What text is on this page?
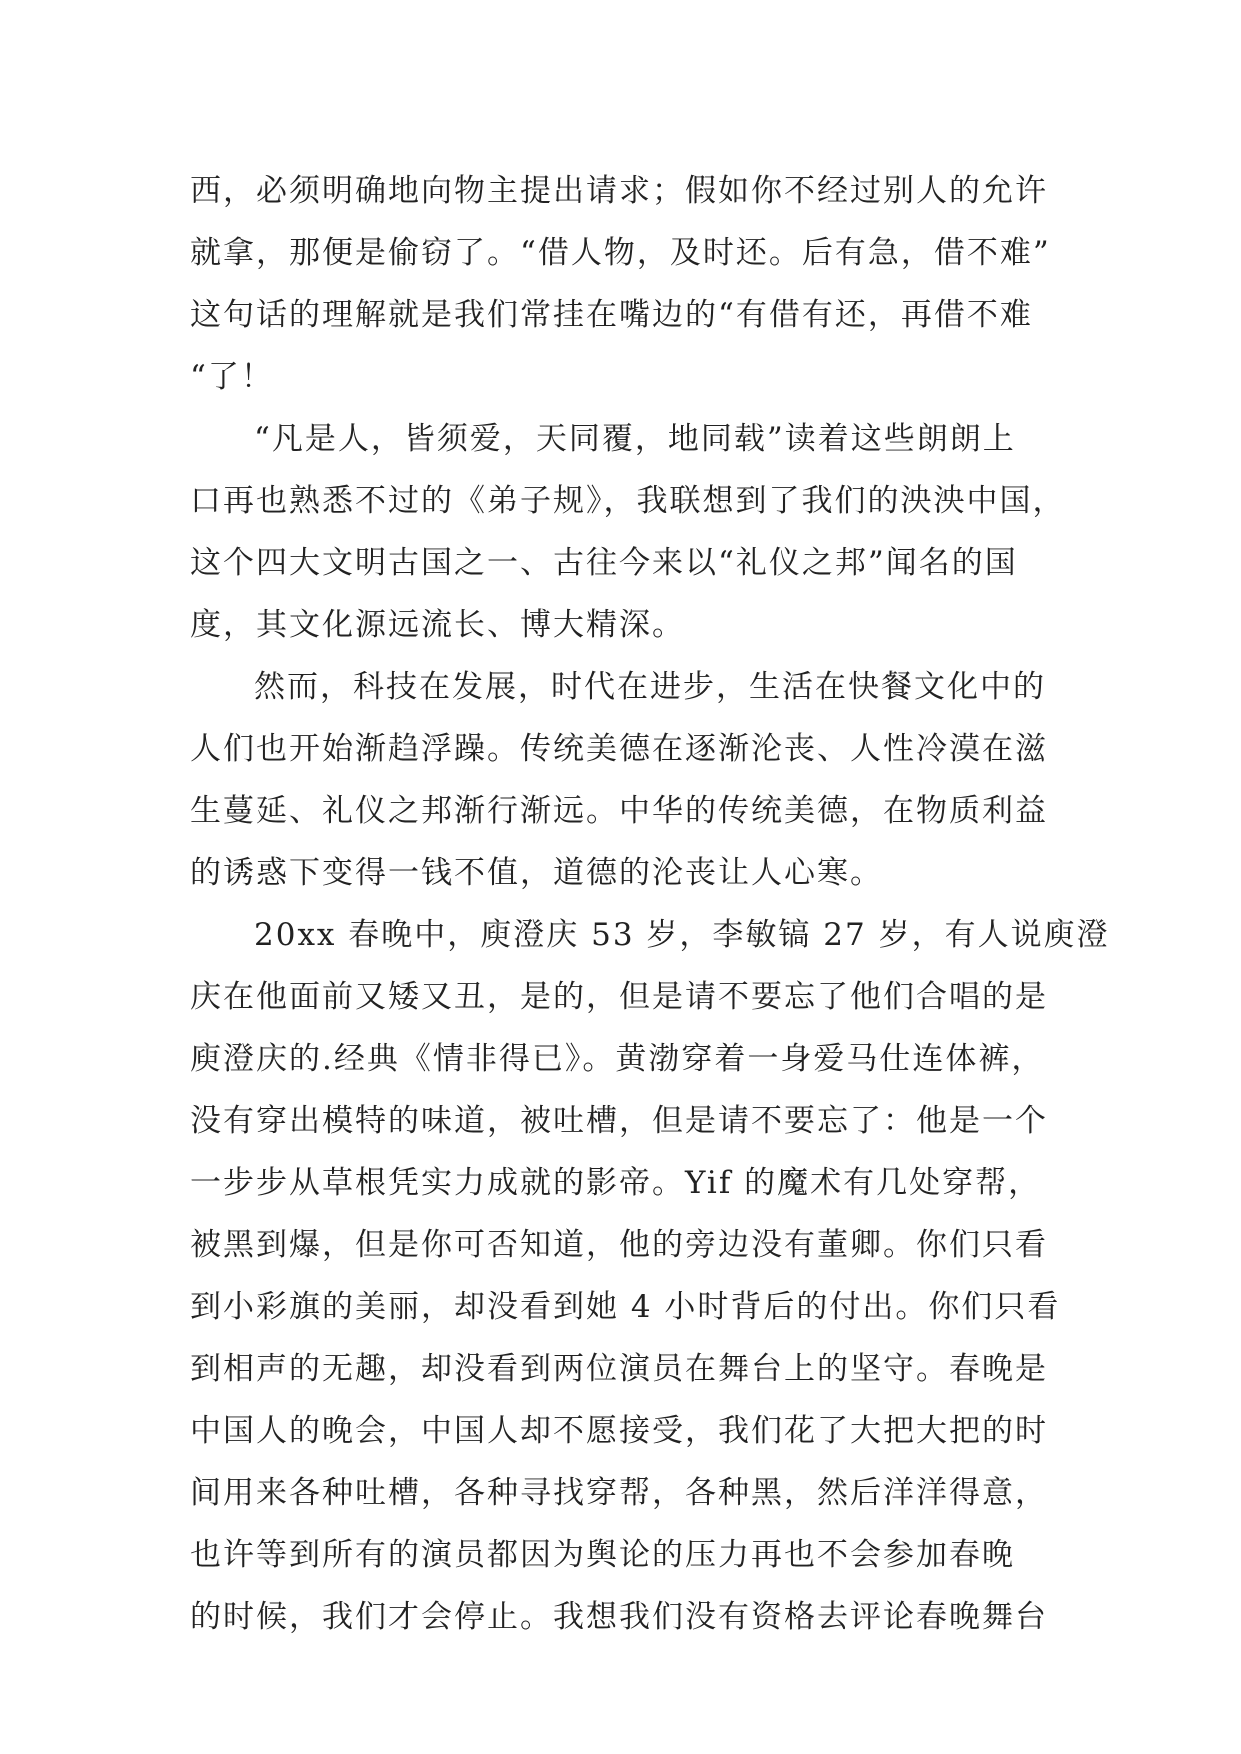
西，必须明确地向物主提出请求；假如你不经过别人的允许
就拿，那便是偷窃了。“借人物，及时还。后有急，借不难”
这句话的理解就是我们常挂在嘴边的“有借有还，再借不难
“了！
“凡是人，皆须爱，天同覆，地同载”读着这些朗朗上
口再也熟悉不过的《弟子规》，我联想到了我们的泱泱中国，
这个四大文明古国之一、古往今来以“礼仪之邦”闻名的国
度，其文化源远流长、博大精深。
然而，科技在发展，时代在进步，生活在快餐文化中的
人们也开始渐趋浮躁。传统美德在逐渐沦丧、人性冷漠在滋
生蔓延、礼仪之邦渐行渐远。中华的传统美德，在物质利益
的诱惑下变得一钱不值，道德的沦丧让人心寒。
20xx 春晚中，庾澄庆 53 岁，李敏镐 27 岁，有人说庾澄
庆在他面前又矮又丑，是的，但是请不要忘了他们合唱的是
庾澄庆的.经典《情非得已》。黄渤穿着一身爱马仕连体裤，
没有穿出模特的味道，被吐槽，但是请不要忘了：他是一个
一步步从草根凭实力成就的影帝。Yif 的魔术有几处穿帮，
被黑到爆，但是你可否知道，他的旁边没有董卿。你们只看
到小彩旗的美丽，却没看到她 4 小时背后的付出。你们只看
到相声的无趣，却没看到两位演员在舞台上的坚守。春晚是
中国人的晚会，中国人却不愿接受，我们花了大把大把的时
间用来各种吐槽，各种寻找穿帮，各种黑，然后洋洋得意，
也许等到所有的演员都因为舆论的压力再也不会参加春晚
的时候，我们才会停止。我想我们没有资格去评论春晚舞台
